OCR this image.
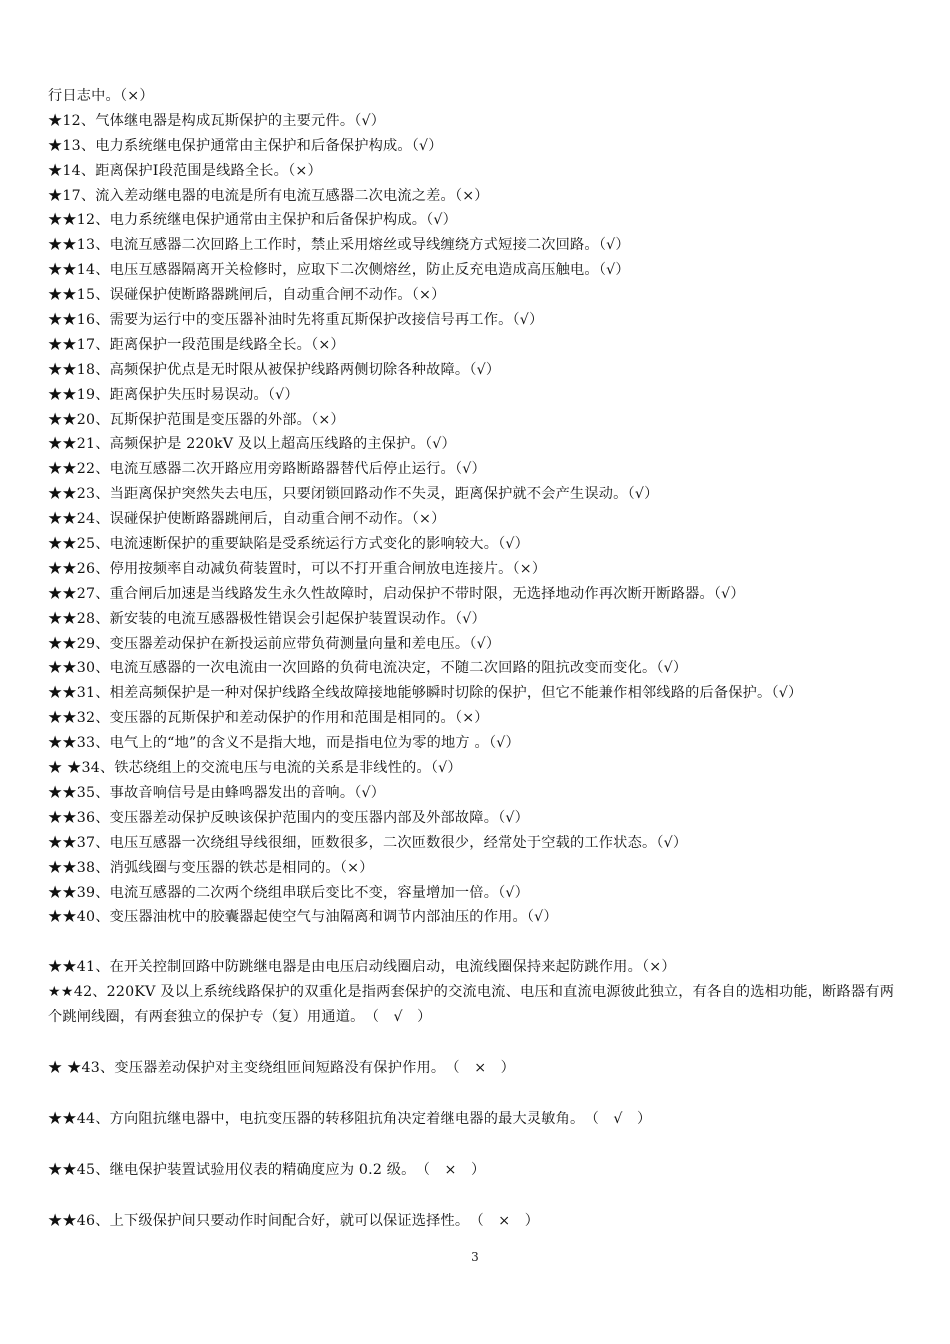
行日志中。（×）
★12、气体继电器是构成瓦斯保护的主要元件。（√）
★13、电力系统继电保护通常由主保护和后备保护构成。（√）
★14、距离保护Ⅰ段范围是线路全长。（×）
★17、流入差动继电器的电流是所有电流互感器二次电流之差。（×）
★★12、电力系统继电保护通常由主保护和后备保护构成。（√）
★★13、电流互感器二次回路上工作时，禁止采用熔丝或导线缠绕方式短接二次回路。（√）
★★14、电压互感器隔离开关检修时，应取下二次侧熔丝，防止反充电造成高压触电。（√）
★★15、误碰保护使断路器跳闸后，自动重合闸不动作。（×）
★★16、需要为运行中的变压器补油时先将重瓦斯保护改接信号再工作。（√）
★★17、距离保护一段范围是线路全长。（×）
★★18、高频保护优点是无时限从被保护线路两侧切除各种故障。（√）
★★19、距离保护失压时易误动。（√）
★★20、瓦斯保护范围是变压器的外部。（×）
★★21、高频保护是 220kV 及以上超高压线路的主保护。（√）
★★22、电流互感器二次开路应用旁路断路器替代后停止运行。（√）
★★23、当距离保护突然失去电压，只要闭锁回路动作不失灵，距离保护就不会产生误动。（√）
★★24、误碰保护使断路器跳闸后，自动重合闸不动作。（×）
★★25、电流速断保护的重要缺陷是受系统运行方式变化的影响较大。（√）
★★26、停用按频率自动减负荷装置时，可以不打开重合闸放电连接片。（×）
★★27、重合闸后加速是当线路发生永久性故障时，启动保护不带时限，无选择地动作再次断开断路器。（√）
★★28、新安装的电流互感器极性错误会引起保护装置误动作。（√）
★★29、变压器差动保护在新投运前应带负荷测量向量和差电压。（√）
★★30、电流互感器的一次电流由一次回路的负荷电流决定，不随二次回路的阻抗改变而变化。（√）
★★31、相差高频保护是一种对保护线路全线故障接地能够瞬时切除的保护，但它不能兼作相邻线路的后备保护。（√）
★★32、变压器的瓦斯保护和差动保护的作用和范围是相同的。（×）
★★33、电气上的“地”的含义不是指大地，而是指电位为零的地方 。（√）
★ ★34、铁芯绕组上的交流电压与电流的关系是非线性的。（√）
★★35、事故音响信号是由蜂鸣器发出的音响。（√）
★★36、变压器差动保护反映该保护范围内的变压器内部及外部故障。（√）
★★37、电压互感器一次绕组导线很细，匝数很多，二次匝数很少，经常处于空载的工作状态。（√）
★★38、消弧线圈与变压器的铁芯是相同的。（×）
★★39、电流互感器的二次两个绕组串联后变比不变，容量增加一倍。（√）
★★40、变压器油枕中的胶囊器起使空气与油隔离和调节内部油压的作用。（√）
★★41、在开关控制回路中防跳继电器是由电压启动线圈启动，电流线圈保持来起防跳作用。（×）
★★42、220KV 及以上系统线路保护的双重化是指两套保护的交流电流、电压和直流电源彼此独立，有各自的选相功能，断路器有两个跳闸线圈，有两套独立的保护专（复）用通道。　（　√　）
★ ★43、变压器差动保护对主变绕组匝间短路没有保护作用。　（　×　）
★★44、方向阻抗继电器中，电抗变压器的转移阻抗角决定着继电器的最大灵敏角。　（　√　）
★★45、继电保护装置试验用仪表的精确度应为 0.2 级。　（　×　）
★★46、上下级保护间只要动作时间配合好，就可以保证选择性。　（　×　）
3
